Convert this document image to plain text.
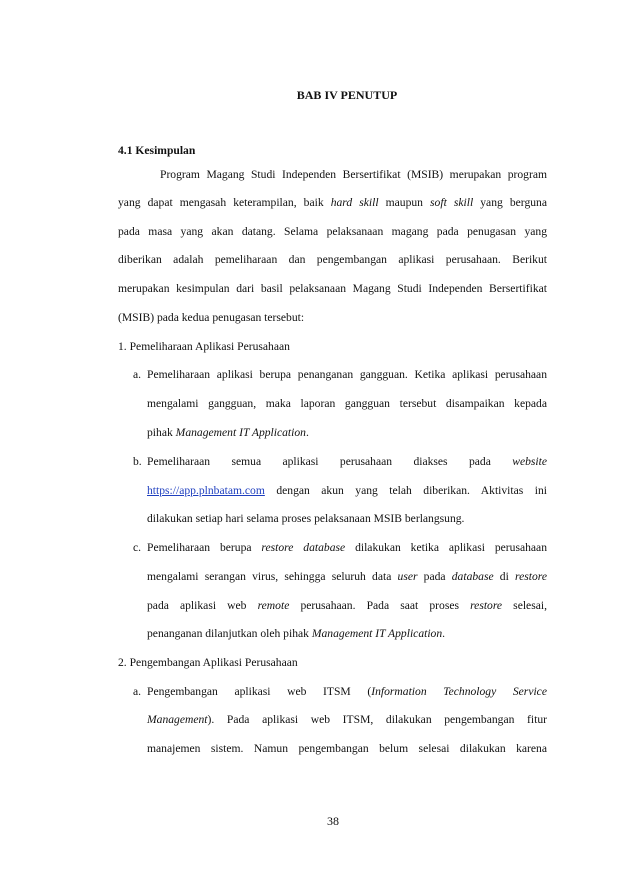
BAB IV PENUTUP
4.1 Kesimpulan
Program Magang Studi Independen Bersertifikat (MSIB) merupakan program
yang dapat mengasah keterampilan, baik hard skill maupun soft skill yang berguna
pada masa yang akan datang. Selama pelaksanaan magang pada penugasan yang
diberikan adalah pemeliharaan dan pengembangan aplikasi perusahaan. Berikut
merupakan kesimpulan dari basil pelaksanaan Magang Studi Independen Bersertifikat
(MSIB) pada kedua penugasan tersebut:
1. Pemeliharaan Aplikasi Perusahaan
a. Pemeliharaan aplikasi berupa penanganan gangguan. Ketika aplikasi perusahaan
mengalami gangguan, maka laporan gangguan tersebut disampaikan kepada
pihak Management IT Application.
b. Pemeliharaan semua aplikasi perusahaan diakses pada website
https://app.plnbatam.com dengan akun yang telah diberikan. Aktivitas ini
dilakukan setiap hari selama proses pelaksanaan MSIB berlangsung.
c. Pemeliharaan berupa restore database dilakukan ketika aplikasi perusahaan
mengalami serangan virus, sehingga seluruh data user pada database di restore
pada aplikasi web remote perusahaan. Pada saat proses restore selesai,
penanganan dilanjutkan oleh pihak Management IT Application.
2. Pengembangan Aplikasi Perusahaan
a. Pengembangan aplikasi web ITSM (Information Technology Service
Management). Pada aplikasi web ITSM, dilakukan pengembangan fitur
manajemen sistem. Namun pengembangan belum selesai dilakukan karena
38
